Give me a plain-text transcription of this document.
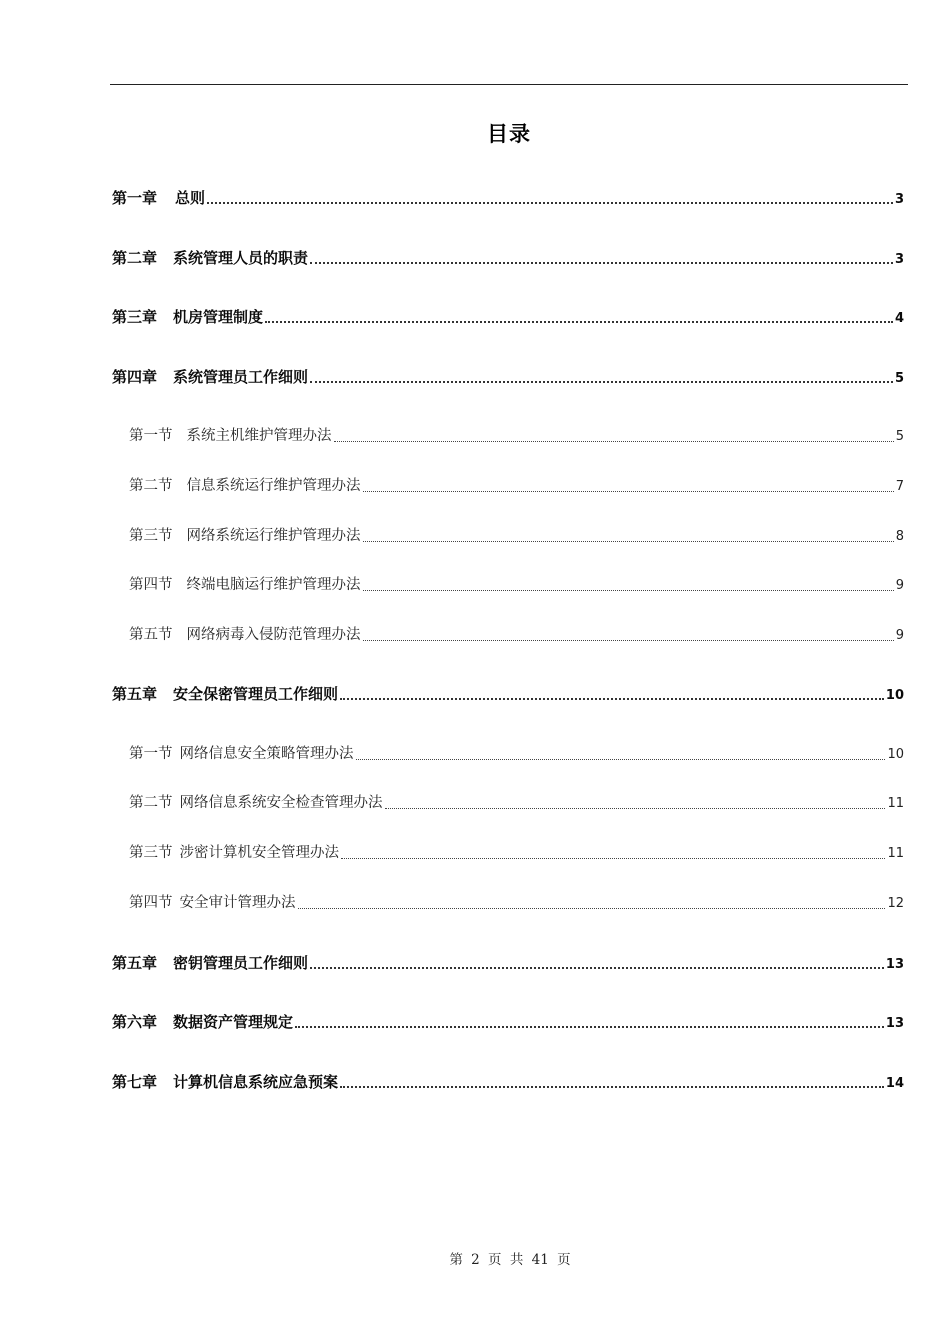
目录
第一章 总则	3
第二章 系统管理人员的职责	3
第三章 机房管理制度	4
第四章 系统管理员工作细则	5
第一节 系统主机维护管理办法	5
第二节 信息系统运行维护管理办法	7
第三节 网络系统运行维护管理办法	8
第四节 终端电脑运行维护管理办法	9
第五节 网络病毒入侵防范管理办法	9
第五章 安全保密管理员工作细则	10
第一节 网络信息安全策略管理办法	10
第二节 网络信息系统安全检查管理办法	11
第三节 涉密计算机安全管理办法	11
第四节 安全审计管理办法	12
第五章 密钥管理员工作细则	13
第六章 数据资产管理规定	13
第七章 计算机信息系统应急预案	14
第 2 页 共 41 页
